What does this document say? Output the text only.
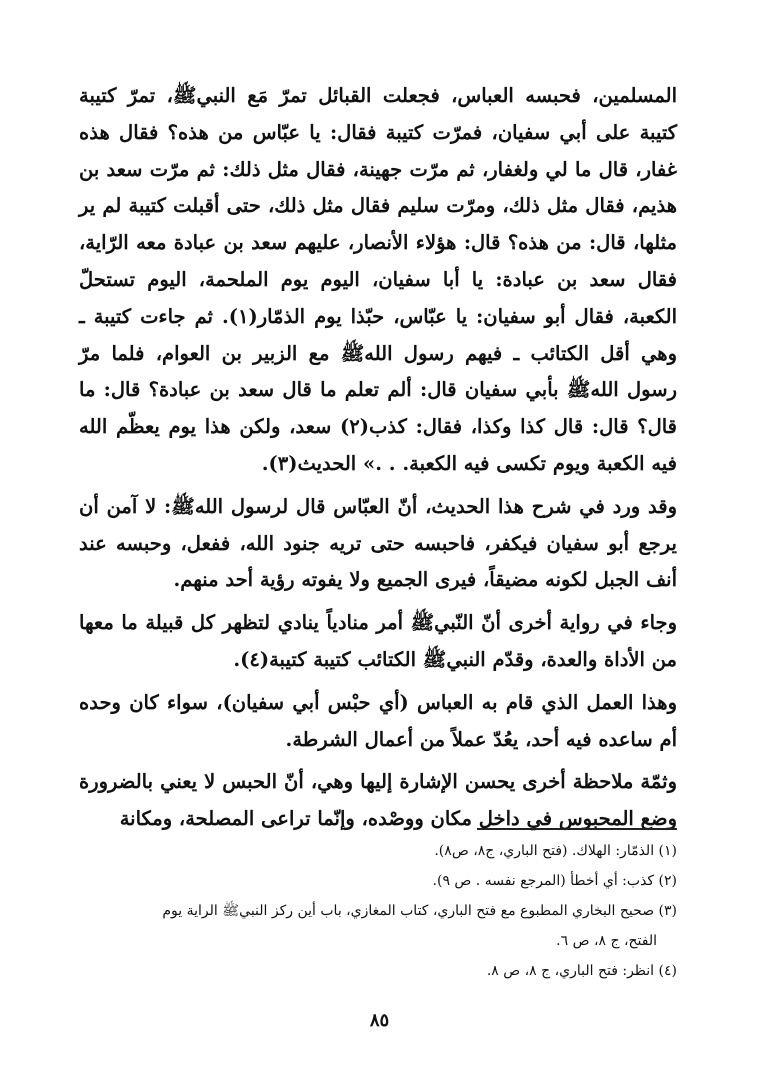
المسلمين، فحبسه العباس، فجعلت القبائل تمرّ مَع النبيﷺ، تمرّ كتيبة كتيبة على أبي سفيان، فمرّت كتيبة فقال: يا عبّاس من هذه؟ فقال هذه غفار، قال ما لي ولغفار، ثم مرّت جهينة، فقال مثل ذلك: ثم مرّت سعد بن هذيم، فقال مثل ذلك، ومرّت سليم فقال مثل ذلك، حتى أقبلت كتيبة لم ير مثلها، قال: من هذه؟ قال: هؤلاء الأنصار، عليهم سعد بن عبادة معه الرّاية، فقال سعد بن عبادة: يا أبا سفيان، اليوم يوم الملحمة، اليوم تستحلّ الكعبة، فقال أبو سفيان: يا عبّاس، حبّذا يوم الذمّار(١). ثم جاءت كتيبة ـ وهي أقل الكتائب ـ فيهم رسول اللهﷺ مع الزبير بن العوام، فلما مرّ رسول اللهﷺ بأبي سفيان قال: ألم تعلم ما قال سعد بن عبادة؟ قال: ما قال؟ قال: قال كذا وكذا، فقال: كذب(٢) سعد، ولكن هذا يوم يعظّم الله فيه الكعبة ويوم تكسى فيه الكعبة. . .» الحديث(٣).

وقد ورد في شرح هذا الحديث، أنّ العبّاس قال لرسول اللهﷺ: لا آمن أن يرجع أبو سفيان فيكفر، فاحبسه حتى تريه جنود الله، ففعل، وحبسه عند أنف الجبل لكونه مضيقاً، فيرى الجميع ولا يفوته رؤية أحد منهم.

وجاء في رواية أخرى أنّ النّبيﷺ أمر منادياً ينادي لتظهر كل قبيلة ما معها من الأداة والعدة، وقدّم النبيﷺ الكتائب كتيبة كتيبة(٤).

وهذا العمل الذي قام به العباس (أي حبْس أبي سفيان)، سواء كان وحده أم ساعده فيه أحد، يعُدّ عملاً من أعمال الشرطة.

وثمّة ملاحظة أخرى يحسن الإشارة إليها وهي، أنّ الحبس لا يعني بالضرورة وضع المحبوس في داخل مكان ووصْده، وإنّما تراعى المصلحة، ومكانة

(١) الذمّار: الهلاك. (فتح الباري، ج٨، ص٨).

(٢) كذب: أي أخطأ (المرجع نفسه . ص ٩).

(٣) صحيح البخاري المطبوع مع فتح الباري، كتاب المغازي، باب أين ركز النبيﷺ الراية يوم

الفتح، ج ٨، ص ٦.

(٤) انظر: فتح الباري، ج ٨، ص ٨.

٨٥
